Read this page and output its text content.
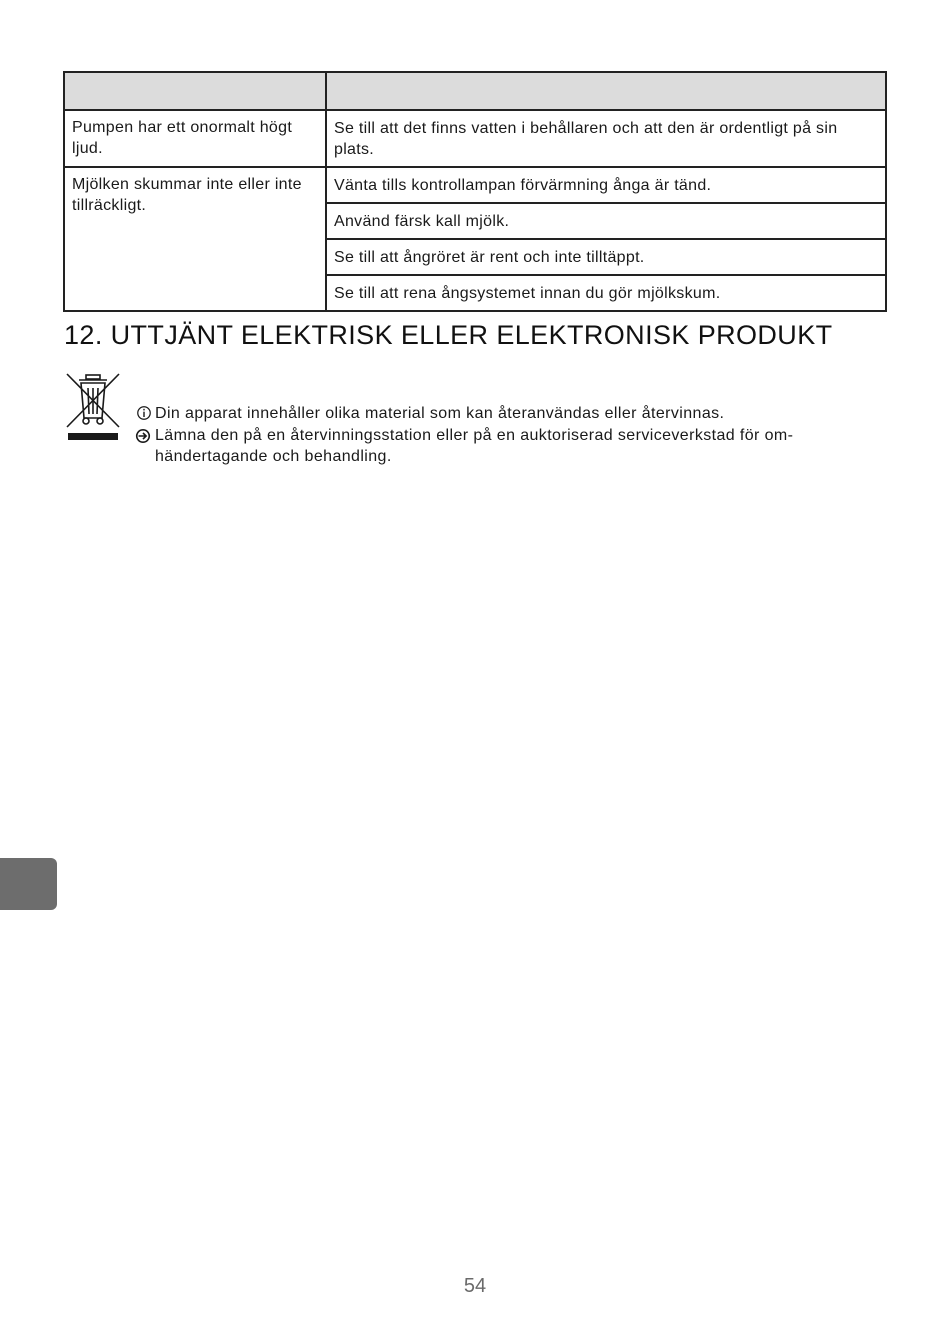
Pumpen har ett onormalt högt ljud.	Se till att det finns vatten i behållaren och att den är ordentligt på sin plats.
Mjölken skummar inte eller inte tillräckligt.	Vänta tills kontrollampan förvärmning ånga är tänd.
	Använd färsk kall mjölk.
	Se till att ångröret är rent och inte tilltäppt.
	Se till att rena ångsystemet innan du gör mjölkskum.
12. UTTJÄNT ELEKTRISK ELLER ELEKTRONISK PRODUKT
Din apparat innehåller olika material som kan återanvändas eller återvinnas.
Lämna den på en återvinningsstation eller på en auktoriserad serviceverkstad för omhändertagande och behandling.
54
